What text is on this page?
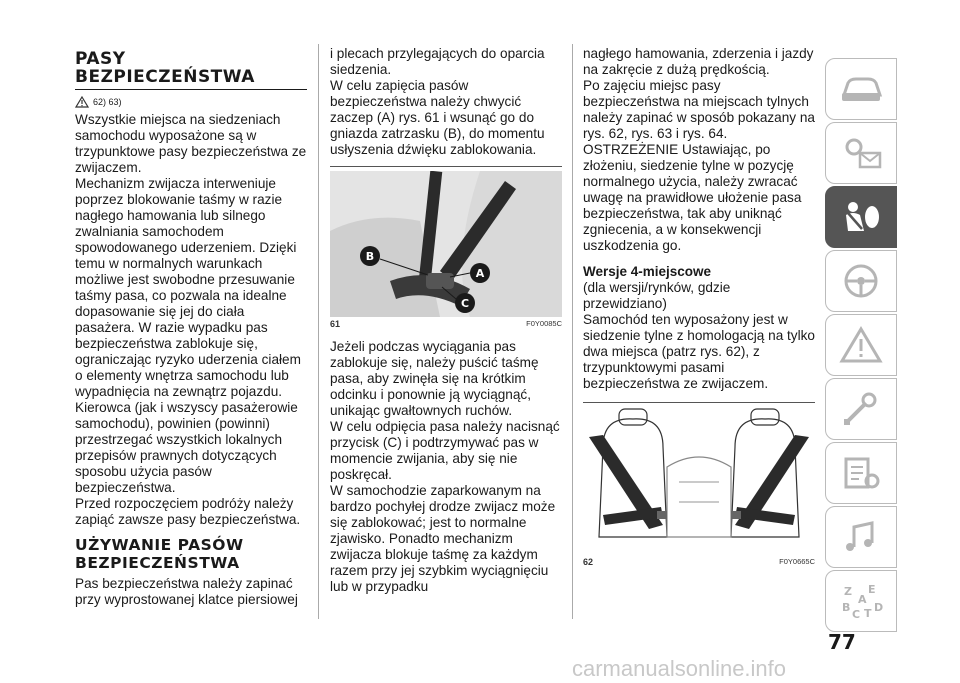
PASY
BEZPIECZEŃSTWA
62) 63)

Wszystkie miejsca na siedzeniach samochodu wyposażone są w trzypunktowe pasy bezpieczeństwa ze zwijaczem.

Mechanizm zwijacza interweniuje poprzez blokowanie taśmy w razie nagłego hamowania lub silnego zwalniania samochodem spowodowanego uderzeniem. Dzięki temu w normalnych warunkach możliwe jest swobodne przesuwanie taśmy pasa, co pozwala na idealne dopasowanie się jej do ciała pasażera. W razie wypadku pas bezpieczeństwa zablokuje się, ograniczając ryzyko uderzenia ciałem o elementy wnętrza samochodu lub wypadnięcia na zewnątrz pojazdu.

Kierowca (jak i wszyscy pasażerowie samochodu), powinien (powinni) przestrzegać wszystkich lokalnych przepisów prawnych dotyczących sposobu użycia pasów bezpieczeństwa.

Przed rozpoczęciem podróży należy zapiąć zawsze pasy bezpieczeństwa.

UŻYWANIE PASÓW
BEZPIECZEŃSTWA

Pas bezpieczeństwa należy zapinać przy wyprostowanej klatce piersiowej

i plecach przylegających do oparcia siedzenia.

W celu zapięcia pasów bezpieczeństwa należy chwycić zaczep (A) rys. 61 i wsunąć go do gniazda zatrzasku (B), do momentu usłyszenia dźwięku zablokowania.

B
A
C
61	F0Y0085C

Jeżeli podczas wyciągania pas zablokuje się, należy puścić taśmę pasa, aby zwinęła się na krótkim odcinku i ponownie ją wyciągnąć, unikając gwałtownych ruchów.

W celu odpięcia pasa należy nacisnąć przycisk (C) i podtrzymywać pas w momencie zwijania, aby się nie poskręcał.

W samochodzie zaparkowanym na bardzo pochyłej drodze zwijacz może się zablokować; jest to normalne zjawisko. Ponadto mechanizm zwijacza blokuje taśmę za każdym razem przy jej szybkim wyciągnięciu lub w przypadku

nagłego hamowania, zderzenia i jazdy na zakręcie z dużą prędkością.

Po zajęciu miejsc pasy bezpieczeństwa na miejscach tylnych należy zapinać w sposób pokazany na rys. 62, rys. 63 i rys. 64.

OSTRZEŻENIE Ustawiając, po złożeniu, siedzenie tylne w pozycję normalnego użycia, należy zwracać uwagę na prawidłowe ułożenie pasa bezpieczeństwa, tak aby uniknąć zgniecenia, a w konsekwencji uszkodzenia go.

Wersje 4-miejscowe

(dla wersji/rynków, gdzie przewidziano)

Samochód ten wyposażony jest w siedzenie tylne z homologacją na tylko dwa miejsca (patrz rys. 62), z trzypunktowymi pasami bezpieczeństwa ze zwijaczem.

62	F0Y0665C
Z E
A
B
C T D
77
carmanualsonline.info
